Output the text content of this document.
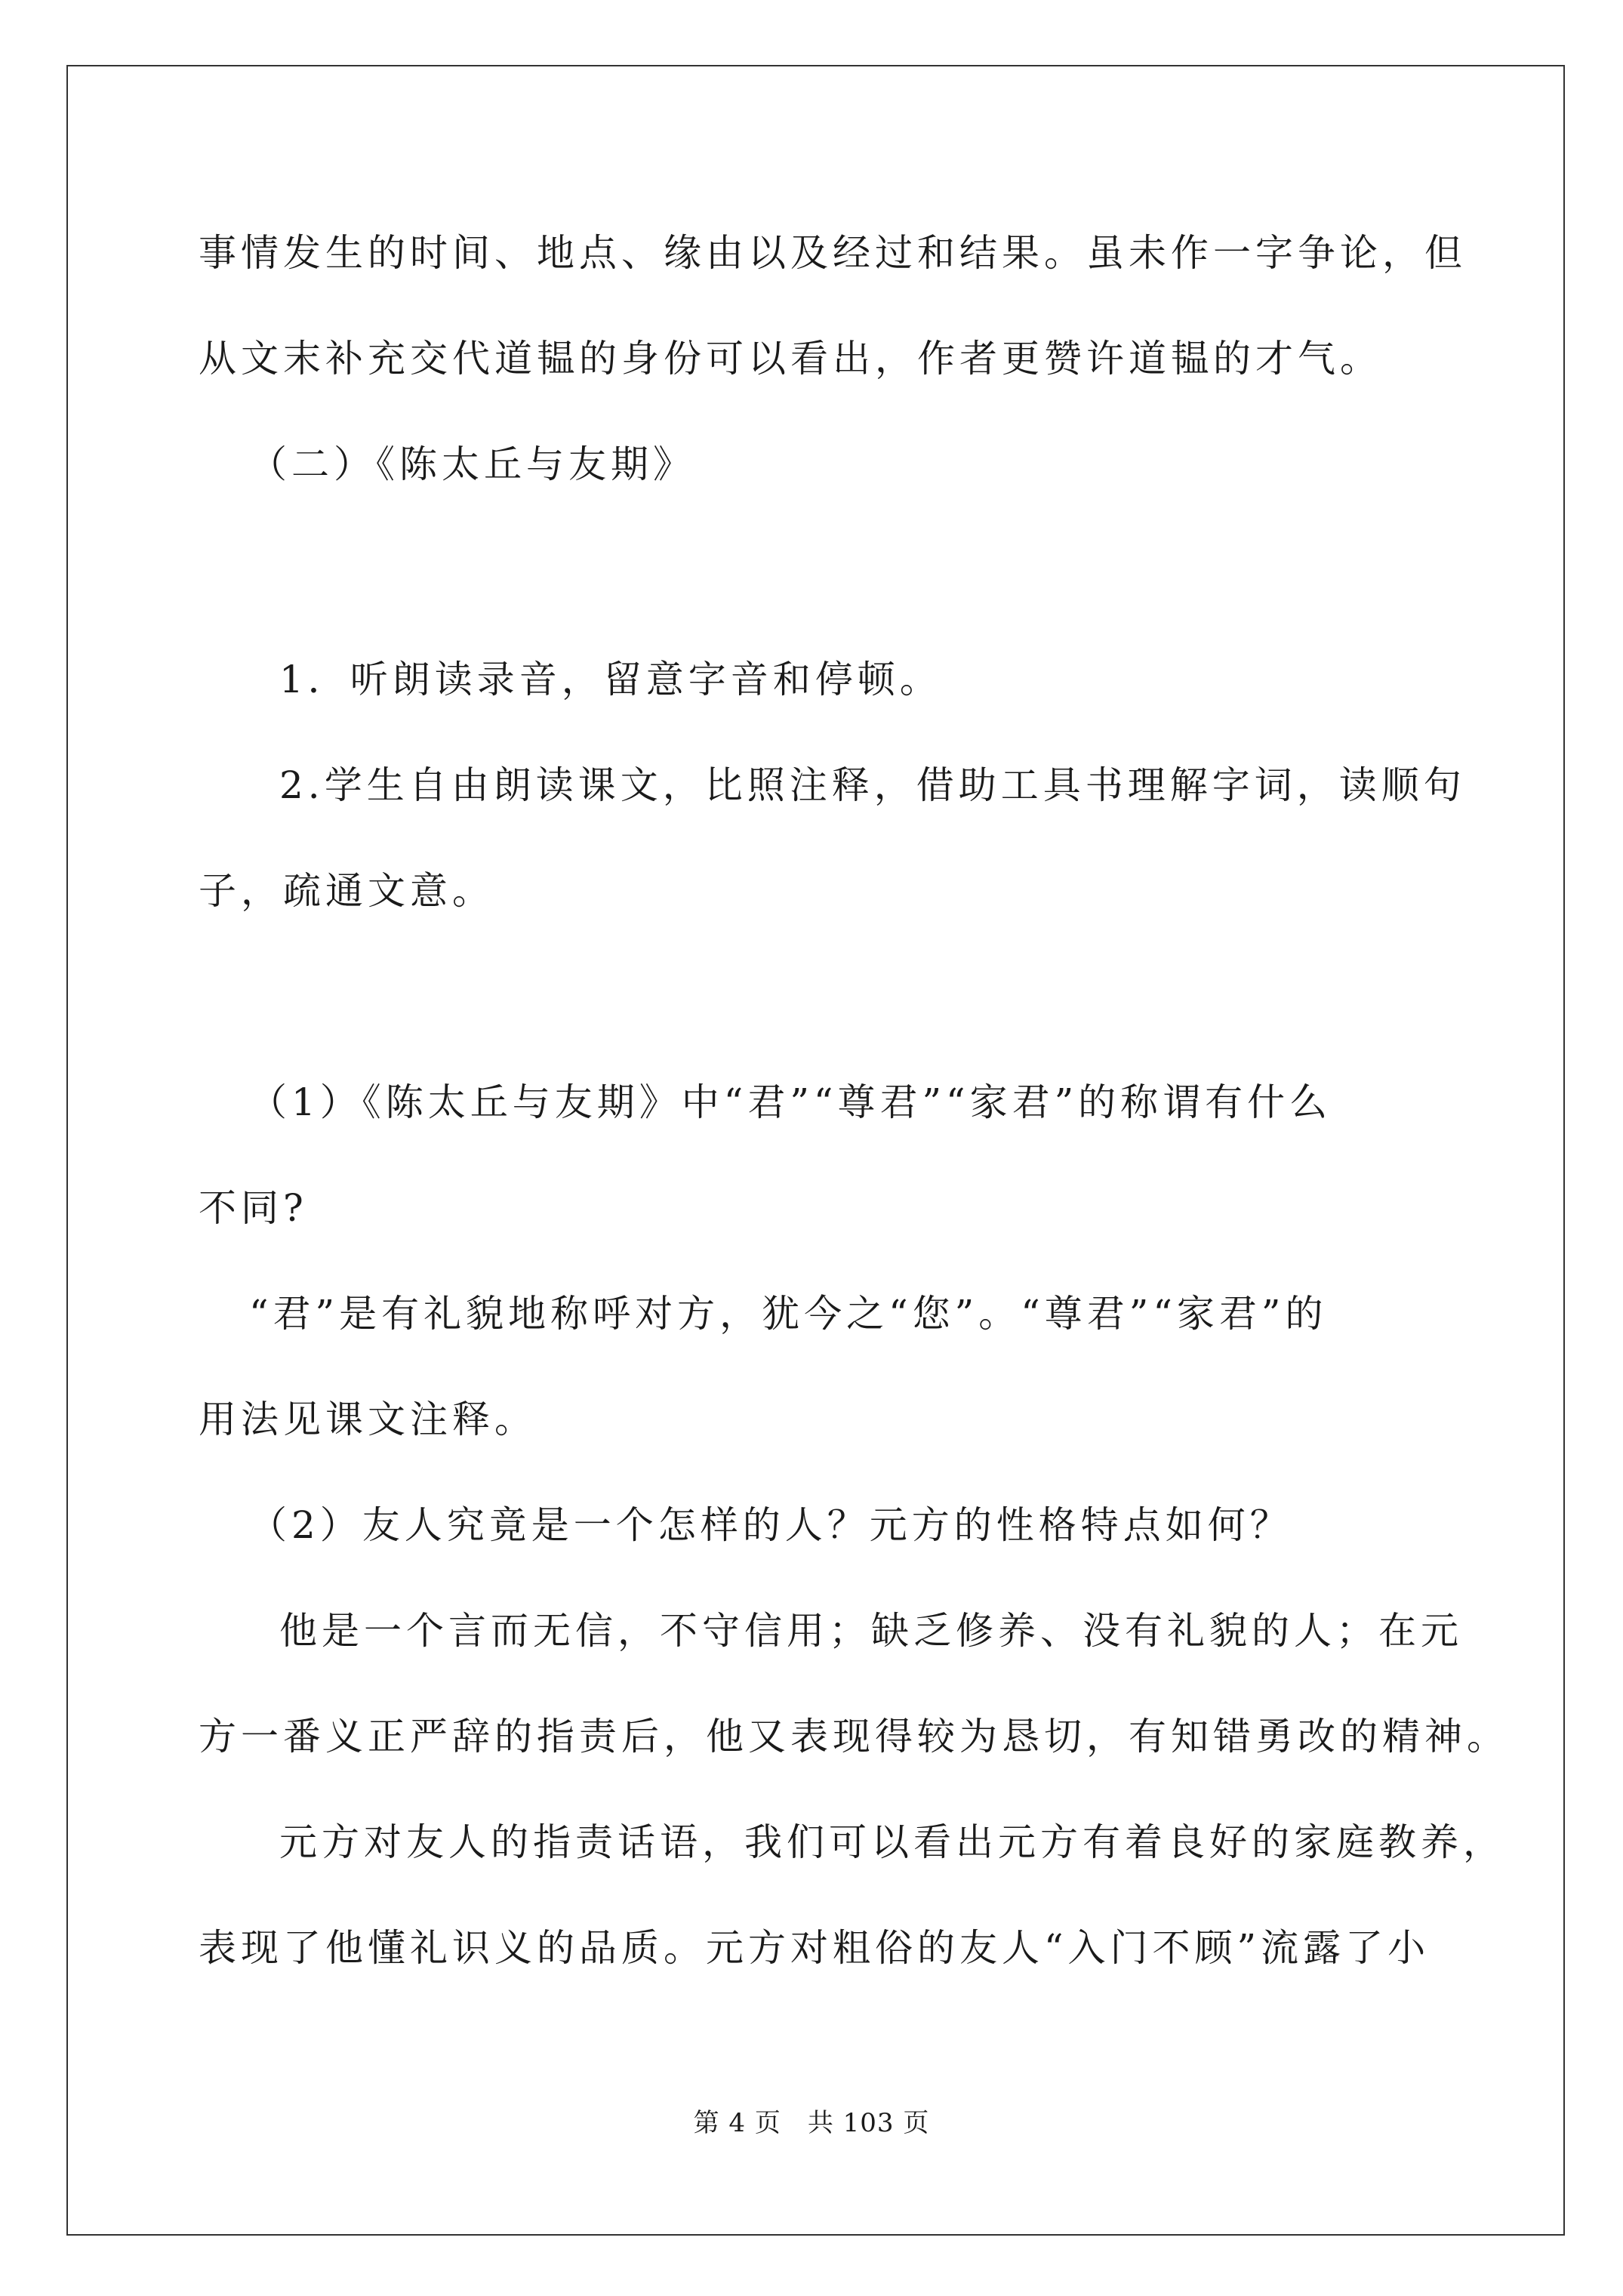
事情发生的时间、地点、缘由以及经过和结果。虽未作一字争论，但
从文末补充交代道韫的身份可以看出，作者更赞许道韫的才气。
（二）《陈太丘与友期》
1．听朗读录音，留意字音和停顿。
2.学生自由朗读课文，比照注释，借助工具书理解字词，读顺句
子，疏通文意。
（1）《陈太丘与友期》中“君”“尊君”“家君”的称谓有什么
不同?
“君”是有礼貌地称呼对方，犹今之“您”。“尊君”“家君”的
用法见课文注释。
（2）友人究竟是一个怎样的人？元方的性格特点如何？
他是一个言而无信，不守信用；缺乏修养、没有礼貌的人；在元
方一番义正严辞的指责后，他又表现得较为恳切，有知错勇改的精神。
元方对友人的指责话语，我们可以看出元方有着良好的家庭教养，
表现了他懂礼识义的品质。元方对粗俗的友人“入门不顾”流露了小
第 4 页　共 103 页
